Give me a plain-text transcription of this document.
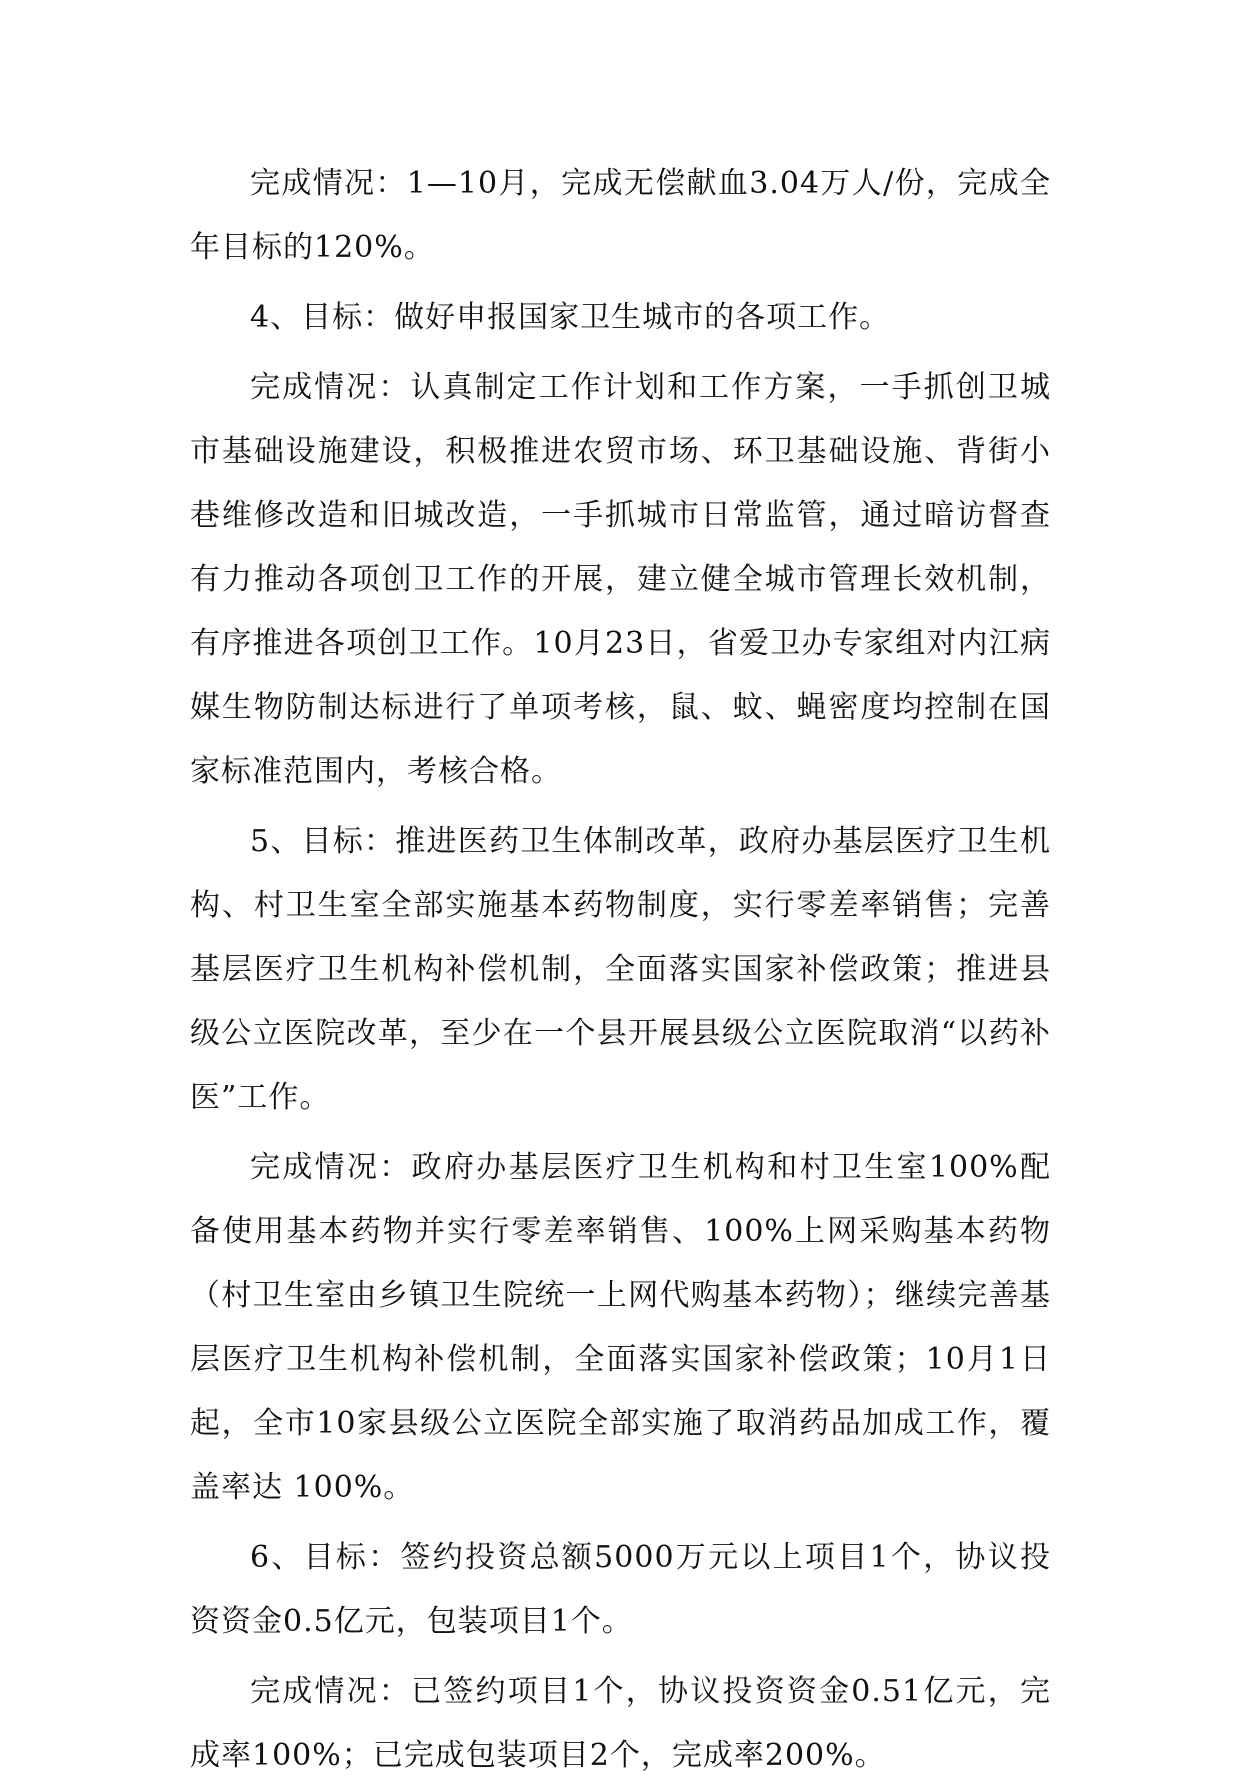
完成情况：1—10月，完成无偿献血3.04万人/份，完成全年目标的120%。

4、目标：做好申报国家卫生城市的各项工作。

完成情况：认真制定工作计划和工作方案，一手抓创卫城市基础设施建设，积极推进农贸市场、环卫基础设施、背街小巷维修改造和旧城改造，一手抓城市日常监管，通过暗访督查有力推动各项创卫工作的开展，建立健全城市管理长效机制，有序推进各项创卫工作。10月23日，省爱卫办专家组对内江病媒生物防制达标进行了单项考核，鼠、蚊、蝇密度均控制在国家标准范围内，考核合格。

5、目标：推进医药卫生体制改革，政府办基层医疗卫生机构、村卫生室全部实施基本药物制度，实行零差率销售；完善基层医疗卫生机构补偿机制，全面落实国家补偿政策；推进县级公立医院改革，至少在一个县开展县级公立医院取消“以药补医”工作。

完成情况：政府办基层医疗卫生机构和村卫生室100%配备使用基本药物并实行零差率销售、100%上网采购基本药物（村卫生室由乡镇卫生院统一上网代购基本药物）；继续完善基层医疗卫生机构补偿机制，全面落实国家补偿政策；10月1日起，全市10家县级公立医院全部实施了取消药品加成工作，覆盖率达 100%。

6、目标：签约投资总额5000万元以上项目1个，协议投资资金0.5亿元，包装项目1个。

完成情况：已签约项目1个，协议投资资金0.51亿元，完成率100%；已完成包装项目2个，完成率200%。
